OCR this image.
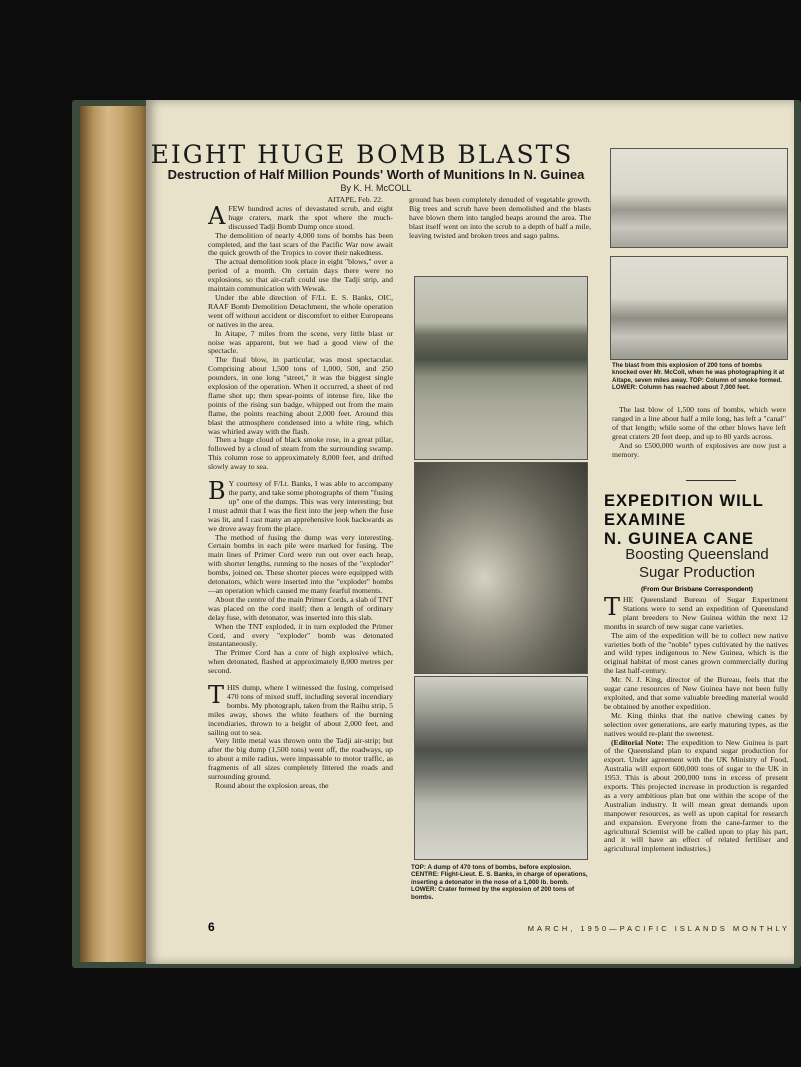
EIGHT HUGE BOMB BLASTS
Destruction of Half Million Pounds' Worth of Munitions In N. Guinea
By K. H. McCOLL
AITAPE, Feb. 22.

AFEW hundred acres of devastated scrub, and eight huge craters, mark the spot where the much-discussed Tadji Bomb Dump once stood.

The demolition of nearly 4,000 tons of bombs has been completed, and the last scars of the Pacific War now await the quick growth of the Tropics to cover their nakedness.

The actual demolition took place in eight "blows," over a period of a month. On certain days there were no explosions, so that air-craft could use the Tadji strip, and maintain communication with Wewak.

Under the able direction of F/Lt. E. S. Banks, OIC, RAAF Bomb Demolition Detachment, the whole operation went off without accident or discomfort to either Europeans or natives in the area.

In Aitape, 7 miles from the scene, very little blast or noise was apparent, but we had a good view of the spectacle.

The final blow, in particular, was most spectacular. Comprising about 1,500 tons of 1,000, 500, and 250 pounders, in one long "street," it was the biggest single explosion of the operation. When it occurred, a sheet of red flame shot up; then spear-points of intense fire, like the points of the rising sun badge, whipped out from the main flame, the points reaching about 2,000 feet. Around this blast the atmosphere condensed into a white ring, which was whirled away with the flash.

Then a huge cloud of black smoke rose, in a great pillar, followed by a cloud of steam from the surrounding swamp. This column rose to approximately 8,000 feet, and drifted slowly away to sea.

B Y courtesy of F/Lt. Banks, I was able to accompany the party, and take some photographs of them "fusing up" one of the dumps. This was very interesting; but I must admit that I was the first into the jeep when the fuse was lit, and I cast many an apprehensive look backwards as we drove away from the place.

The method of fusing the dump was very interesting. Certain bombs in each pile were marked for fusing. The main lines of Primer Cord were run out over each heap, with shorter lengths, running to the noses of the "exploder" bombs, joined on. These shorter pieces were equipped with detonators, which were inserted into the "exploder" bombs—an operation which caused me many fearful moments.

About the centre of the main Primer Cords, a slab of TNT was placed on the cord itself; then a length of ordinary delay fuse, with detonator, was inserted into this slab.

When the TNT exploded, it in turn exploded the Primer Cord, and every "exploder" bomb was detonated instantaneously.

The Primer Cord has a core of high explosive which, when detonated, flashed at approximately 8,000 metres per second.

THIS dump, where I witnessed the fusing, comprised 470 tons of mixed stuff, including several incendiary bombs. My photograph, taken from the Raihu strip, 5 miles away, shows the white feathers of the burning incendiaries, thrown to a height of about 2,000 feet, and sailing out to sea.

Very little metal was thrown onto the Tadji air-strip; but after the big dump (1,500 tons) went off, the roadways, up to about a mile radius, were impassable to motor traffic, as fragments of all sizes completely littered the roads and surrounding ground.

Round about the explosion areas, the

ground has been completely denuded of vegetable growth. Big trees and scrub have been demolished and the blasts have blown them into tangled heaps around the area. The blast itself went on into the scrub to a depth of half a mile, leaving twisted and broken trees and sago palms.

TOP: A dump of 470 tons of bombs, before explosion.

CENTRE: Flight-Lieut. E. S. Banks, in charge of operations, inserting a detonator in the nose of a 1,000 lb. bomb.

LOWER: Crater formed by the explosion of 200 tons of bombs.

The blast from this explosion of 200 tons of bombs knocked over Mr. McColl, when he was photographing it at Aitape, seven miles away. TOP: Column of smoke formed. LOWER: Column has reached about 7,000 feet.

The last blow of 1,500 tons of bombs, which were ranged in a line about half a mile long, has left a "canal" of that length; while some of the other blows have left great craters 20 feet deep, and up to 80 yards across.

And so £500,000 worth of explosives are now just a memory.

EXPEDITION WILL
EXAMINE
N. GUINEA CANE
Boosting Queensland
Sugar Production
(From Our Brisbane Correspondent)

THE Queensland Bureau of Sugar Experiment Stations were to send an expedition of Queensland plant breeders to New Guinea within the next 12 months in search of new sugar cane varieties.

The aim of the expedition will be to collect new native varieties both of the "noble" types cultivated by the natives and wild types indigenous to New Guinea, which is the original habitat of most canes grown commercially during the last half-century.

Mr. N. J. King, director of the Bureau, feels that the sugar cane resources of New Guinea have not been fully exploited, and that some valuable breeding material would be obtained by another expedition.

Mr. King thinks that the native chewing canes by selection over generations, are early maturing types, as the natives would re-plant the sweetest.

(Editorial Note: The expedition to New Guinea is part of the Queensland plan to expand sugar production for export. Under agreement with the UK Ministry of Food, Australia will export 600,000 tons of sugar to the UK in 1953. This is about 200,000 tons in excess of present exports. This projected increase in production is regarded as a very ambitious plan but one within the scope of the Australian industry. It will mean great demands upon manpower resources, as well as upon capital for research and expansion. Everyone from the cane-farmer to the agricultural Scientist will be called upon to play his part, and it will have an effect of related fertiliser and agricultural implement industries.)

6	MARCH, 1950—PACIFIC ISLANDS MONTHLY
